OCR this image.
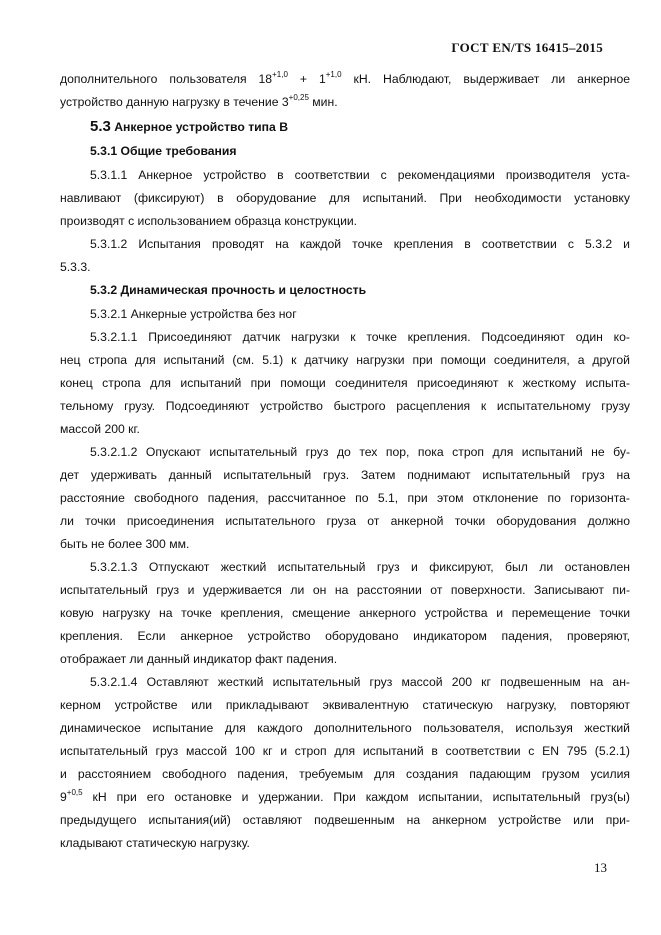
ГОСТ EN/TS 16415–2015
дополнительного пользователя $18^{+1,0} + 1^{+1,0}$ кН. Наблюдают, выдерживает ли анкерное
устройство данную нагрузку в течение $3^{+0,25}$ мин.
5.3 Анкерное устройство типа B
5.3.1 Общие требования
5.3.1.1 Анкерное устройство в соответствии с рекомендациями производителя уста-
навливают (фиксируют) в оборудование для испытаний. При необходимости установку
производят с использованием образца конструкции.
5.3.1.2 Испытания проводят на каждой точке крепления в соответствии с 5.3.2 и
5.3.3.
5.3.2 Динамическая прочность и целостность
5.3.2.1 Анкерные устройства без ног
5.3.2.1.1 Присоединяют датчик нагрузки к точке крепления. Подсоединяют один ко-
нец стропа для испытаний (см. 5.1) к датчику нагрузки при помощи соединителя, а другой
конец стропа для испытаний при помощи соединителя присоединяют к жесткому испыта-
тельному грузу. Подсоединяют устройство быстрого расцепления к испытательному грузу
массой 200 кг.
5.3.2.1.2 Опускают испытательный груз до тех пор, пока строп для испытаний не бу-
дет удерживать данный испытательный груз. Затем поднимают испытательный груз на
расстояние свободного падения, рассчитанное по 5.1, при этом отклонение по горизонта-
ли точки присоединения испытательного груза от анкерной точки оборудования должно
быть не более 300 мм.
5.3.2.1.3 Отпускают жесткий испытательный груз и фиксируют, был ли остановлен
испытательный груз и удерживается ли он на расстоянии от поверхности. Записывают пи-
ковую нагрузку на точке крепления, смещение анкерного устройства и перемещение точки
крепления. Если анкерное устройство оборудовано индикатором падения, проверяют,
отображает ли данный индикатор факт падения.
5.3.2.1.4 Оставляют жесткий испытательный груз массой 200 кг подвешенным на ан-
керном устройстве или прикладывают эквивалентную статическую нагрузку, повторяют
динамическое испытание для каждого дополнительного пользователя, используя жесткий
испытательный груз массой 100 кг и строп для испытаний в соответствии с EN 795 (5.2.1)
и расстоянием свободного падения, требуемым для создания падающим грузом усилия
$9^{+0,5}$ кН при его остановке и удержании. При каждом испытании, испытательный груз(ы)
предыдущего испытания(ий) оставляют подвешенным на анкерном устройстве или при-
кладывают статическую нагрузку.
13
